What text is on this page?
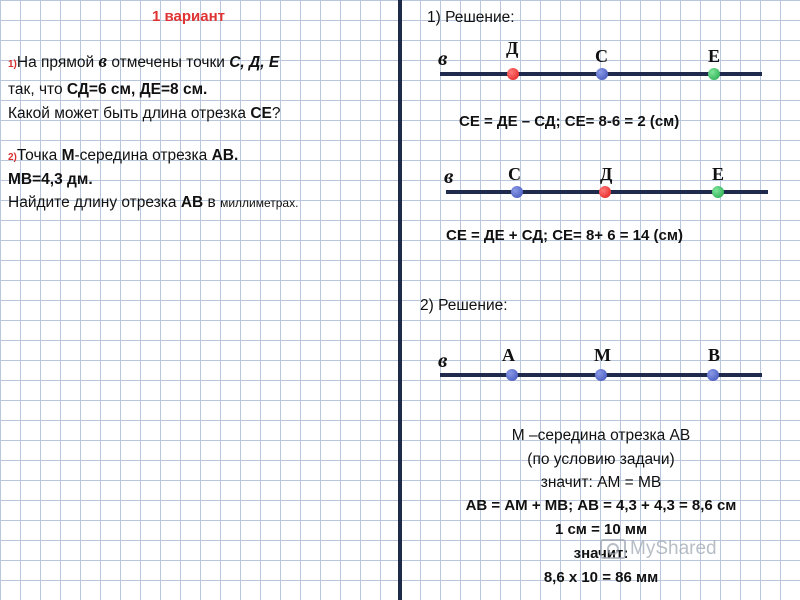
1 вариант
1)На прямой в отмечены точки С, Д, Е
так, что СД=6 см, ДЕ=8 см.
Какой может быть длина отрезка СЕ?
2)Точка М-середина отрезка АВ.
МВ=4,3 дм.
Найдите длину отрезка АВ в миллиметрах.
1) Решение:
в	Д	С	Е
СЕ = ДЕ – СД; СЕ= 8-6 = 2 (см)
в	С	Д	Е
СЕ = ДЕ + СД; СЕ= 8+ 6 = 14 (см)
2) Решение:
в	А	М	В
М –середина отрезка АВ
(по условию задачи)
значит: АМ = МВ
АВ = АМ + МВ; АВ = 4,3 + 4,3 = 8,6 см
1 см = 10 мм
значит:
8,6 х 10 = 86 мм
MyShared
